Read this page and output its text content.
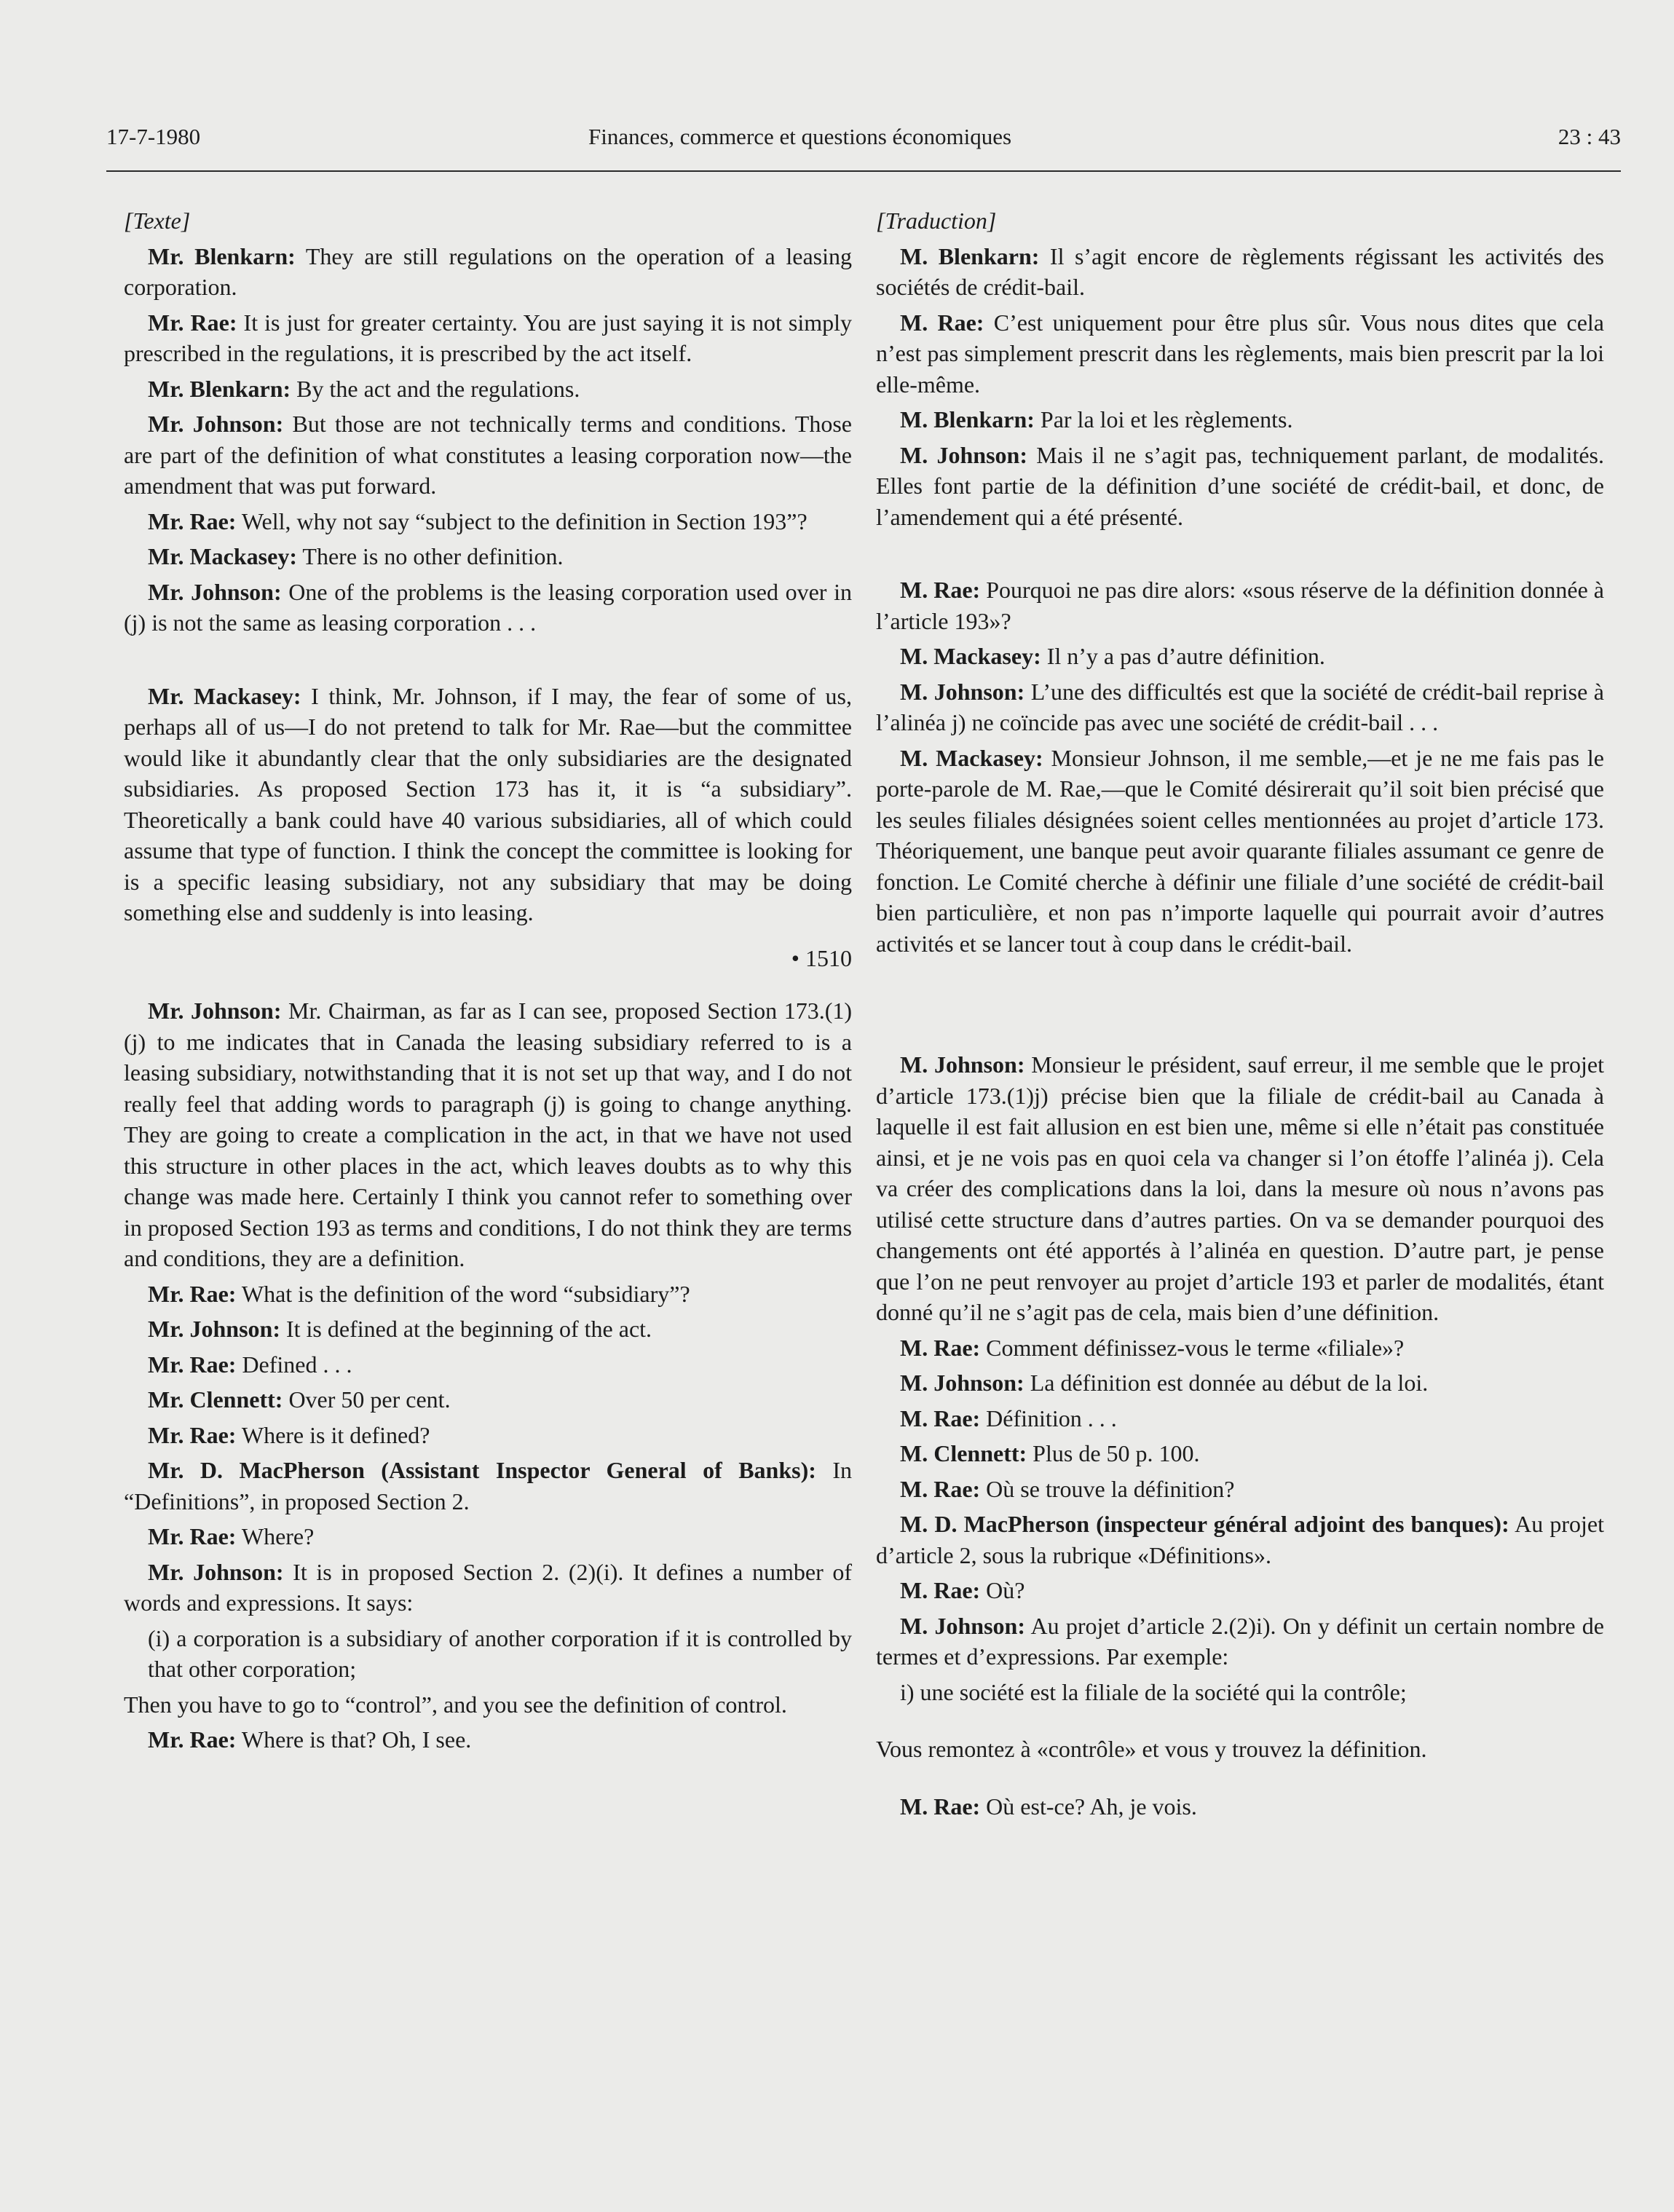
17-7-1980	Finances, commerce et questions économiques	23 : 43

[Texte]

Mr. Blenkarn: They are still regulations on the operation of a leasing corporation.

Mr. Rae: It is just for greater certainty. You are just saying it is not simply prescribed in the regulations, it is prescribed by the act itself.

Mr. Blenkarn: By the act and the regulations.

Mr. Johnson: But those are not technically terms and conditions. Those are part of the definition of what constitutes a leasing corporation now—the amendment that was put forward.

Mr. Rae: Well, why not say “subject to the definition in Section 193”?

Mr. Mackasey: There is no other definition.

Mr. Johnson: One of the problems is the leasing corporation used over in (j) is not the same as leasing corporation . . .

Mr. Mackasey: I think, Mr. Johnson, if I may, the fear of some of us, perhaps all of us—I do not pretend to talk for Mr. Rae—but the committee would like it abundantly clear that the only subsidiaries are the designated subsidiaries. As proposed Section 173 has it, it is “a subsidiary”. Theoretically a bank could have 40 various subsidiaries, all of which could assume that type of function. I think the concept the committee is looking for is a specific leasing subsidiary, not any subsidiary that may be doing something else and suddenly is into leasing.

• 1510

Mr. Johnson: Mr. Chairman, as far as I can see, proposed Section 173.(1)(j) to me indicates that in Canada the leasing subsidiary referred to is a leasing subsidiary, notwithstanding that it is not set up that way, and I do not really feel that adding words to paragraph (j) is going to change anything. They are going to create a complication in the act, in that we have not used this structure in other places in the act, which leaves doubts as to why this change was made here. Certainly I think you cannot refer to something over in proposed Section 193 as terms and conditions, I do not think they are terms and conditions, they are a definition.

Mr. Rae: What is the definition of the word “subsidiary”?

Mr. Johnson: It is defined at the beginning of the act.

Mr. Rae: Defined . . .

Mr. Clennett: Over 50 per cent.

Mr. Rae: Where is it defined?

Mr. D. MacPherson (Assistant Inspector General of Banks): In “Definitions”, in proposed Section 2.

Mr. Rae: Where?

Mr. Johnson: It is in proposed Section 2. (2)(i). It defines a number of words and expressions. It says:

(i) a corporation is a subsidiary of another corporation if it is controlled by that other corporation;

Then you have to go to “control”, and you see the definition of control.

Mr. Rae: Where is that? Oh, I see.

[Traduction]

M. Blenkarn: Il s’agit encore de règlements régissant les activités des sociétés de crédit-bail.

M. Rae: C’est uniquement pour être plus sûr. Vous nous dites que cela n’est pas simplement prescrit dans les règlements, mais bien prescrit par la loi elle-même.

M. Blenkarn: Par la loi et les règlements.

M. Johnson: Mais il ne s’agit pas, techniquement parlant, de modalités. Elles font partie de la définition d’une société de crédit-bail, et donc, de l’amendement qui a été présenté.

M. Rae: Pourquoi ne pas dire alors: «sous réserve de la définition donnée à l’article 193»?

M. Mackasey: Il n’y a pas d’autre définition.

M. Johnson: L’une des difficultés est que la société de crédit-bail reprise à l’alinéa j) ne coïncide pas avec une société de crédit-bail . . .

M. Mackasey: Monsieur Johnson, il me semble,—et je ne me fais pas le porte-parole de M. Rae,—que le Comité désirerait qu’il soit bien précisé que les seules filiales désignées soient celles mentionnées au projet d’article 173. Théoriquement, une banque peut avoir quarante filiales assumant ce genre de fonction. Le Comité cherche à définir une filiale d’une société de crédit-bail bien particulière, et non pas n’importe laquelle qui pourrait avoir d’autres activités et se lancer tout à coup dans le crédit-bail.

M. Johnson: Monsieur le président, sauf erreur, il me semble que le projet d’article 173.(1)j) précise bien que la filiale de crédit-bail au Canada à laquelle il est fait allusion en est bien une, même si elle n’était pas constituée ainsi, et je ne vois pas en quoi cela va changer si l’on étoffe l’alinéa j). Cela va créer des complications dans la loi, dans la mesure où nous n’avons pas utilisé cette structure dans d’autres parties. On va se demander pourquoi des changements ont été apportés à l’alinéa en question. D’autre part, je pense que l’on ne peut renvoyer au projet d’article 193 et parler de modalités, étant donné qu’il ne s’agit pas de cela, mais bien d’une définition.

M. Rae: Comment définissez-vous le terme «filiale»?

M. Johnson: La définition est donnée au début de la loi.

M. Rae: Définition . . .

M. Clennett: Plus de 50 p. 100.

M. Rae: Où se trouve la définition?

M. D. MacPherson (inspecteur général adjoint des banques): Au projet d’article 2, sous la rubrique «Définitions».

M. Rae: Où?

M. Johnson: Au projet d’article 2.(2)i). On y définit un certain nombre de termes et d’expressions. Par exemple:

i) une société est la filiale de la société qui la contrôle;

Vous remontez à «contrôle» et vous y trouvez la définition.

M. Rae: Où est-ce? Ah, je vois.
